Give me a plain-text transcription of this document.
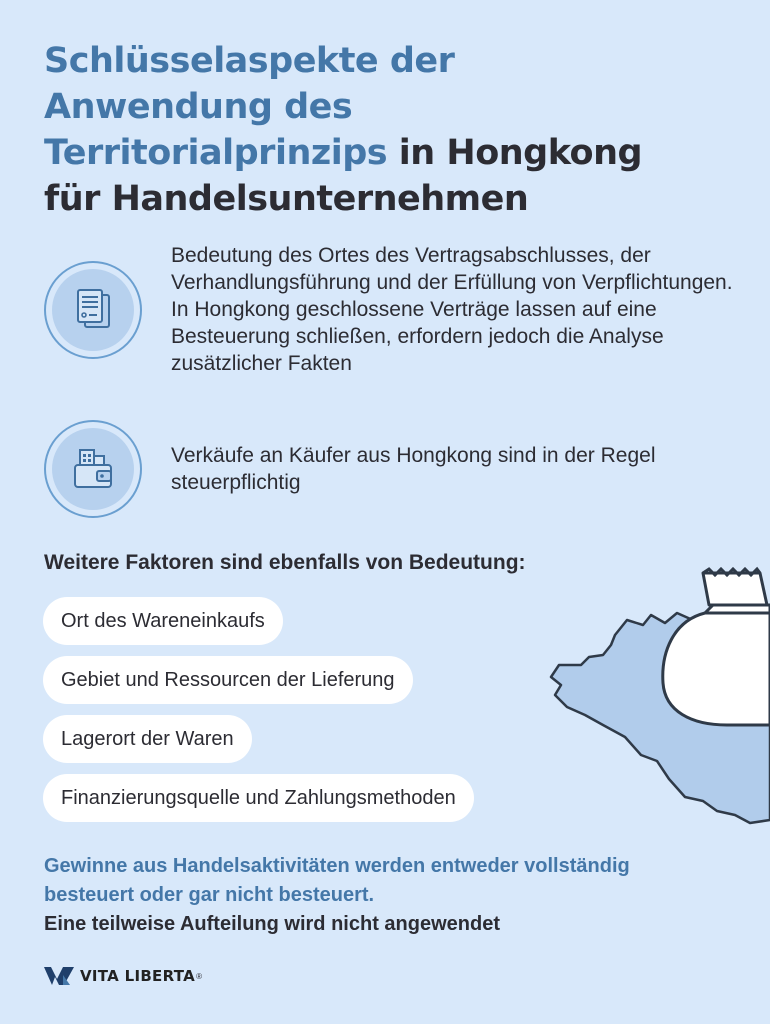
Schlüsselaspekte der
Anwendung des
Territorialprinzips in Hongkong
für Handelsunternehmen
Bedeutung des Ortes des Vertragsabschlusses, der Verhandlungsführung und der Erfüllung von Verpflichtungen. In Hongkong geschlossene Verträge lassen auf eine Besteuerung schließen, erfordern jedoch die Analyse zusätzlicher Fakten
Verkäufe an Käufer aus Hongkong sind in der Regel steuerpflichtig
Weitere Faktoren sind ebenfalls von Bedeutung:
Ort des Wareneinkaufs
Gebiet und Ressourcen der Lieferung
Lagerort der Waren
Finanzierungsquelle und Zahlungsmethoden
Gewinne aus Handelsaktivitäten werden entweder vollständig besteuert oder gar nicht besteuert.
Eine teilweise Aufteilung wird nicht angewendet
VITA LIBERTA ®
